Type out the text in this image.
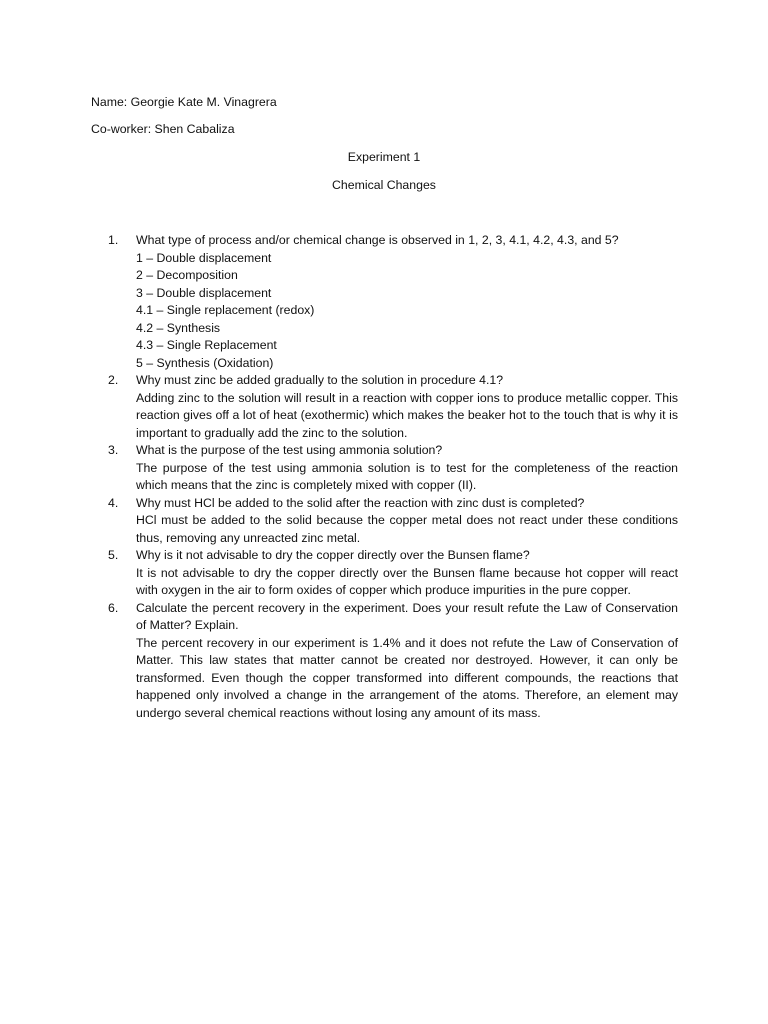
Name: Georgie Kate M. Vinagrera
Co-worker: Shen Cabaliza
Experiment 1
Chemical Changes
1. What type of process and/or chemical change is observed in 1, 2, 3, 4.1, 4.2, 4.3, and 5?
1 – Double displacement
2 – Decomposition
3 – Double displacement
4.1 – Single replacement (redox)
4.2 – Synthesis
4.3 – Single Replacement
5 – Synthesis (Oxidation)
2. Why must zinc be added gradually to the solution in procedure 4.1?
Adding zinc to the solution will result in a reaction with copper ions to produce metallic copper. This reaction gives off a lot of heat (exothermic) which makes the beaker hot to the touch that is why it is important to gradually add the zinc to the solution.
3. What is the purpose of the test using ammonia solution?
The purpose of the test using ammonia solution is to test for the completeness of the reaction which means that the zinc is completely mixed with copper (II).
4. Why must HCl be added to the solid after the reaction with zinc dust is completed?
HCl must be added to the solid because the copper metal does not react under these conditions thus, removing any unreacted zinc metal.
5. Why is it not advisable to dry the copper directly over the Bunsen flame?
It is not advisable to dry the copper directly over the Bunsen flame because hot copper will react with oxygen in the air to form oxides of copper which produce impurities in the pure copper.
6. Calculate the percent recovery in the experiment. Does your result refute the Law of Conservation of Matter? Explain.
The percent recovery in our experiment is 1.4% and it does not refute the Law of Conservation of Matter. This law states that matter cannot be created nor destroyed. However, it can only be transformed. Even though the copper transformed into different compounds, the reactions that happened only involved a change in the arrangement of the atoms. Therefore, an element may undergo several chemical reactions without losing any amount of its mass.
